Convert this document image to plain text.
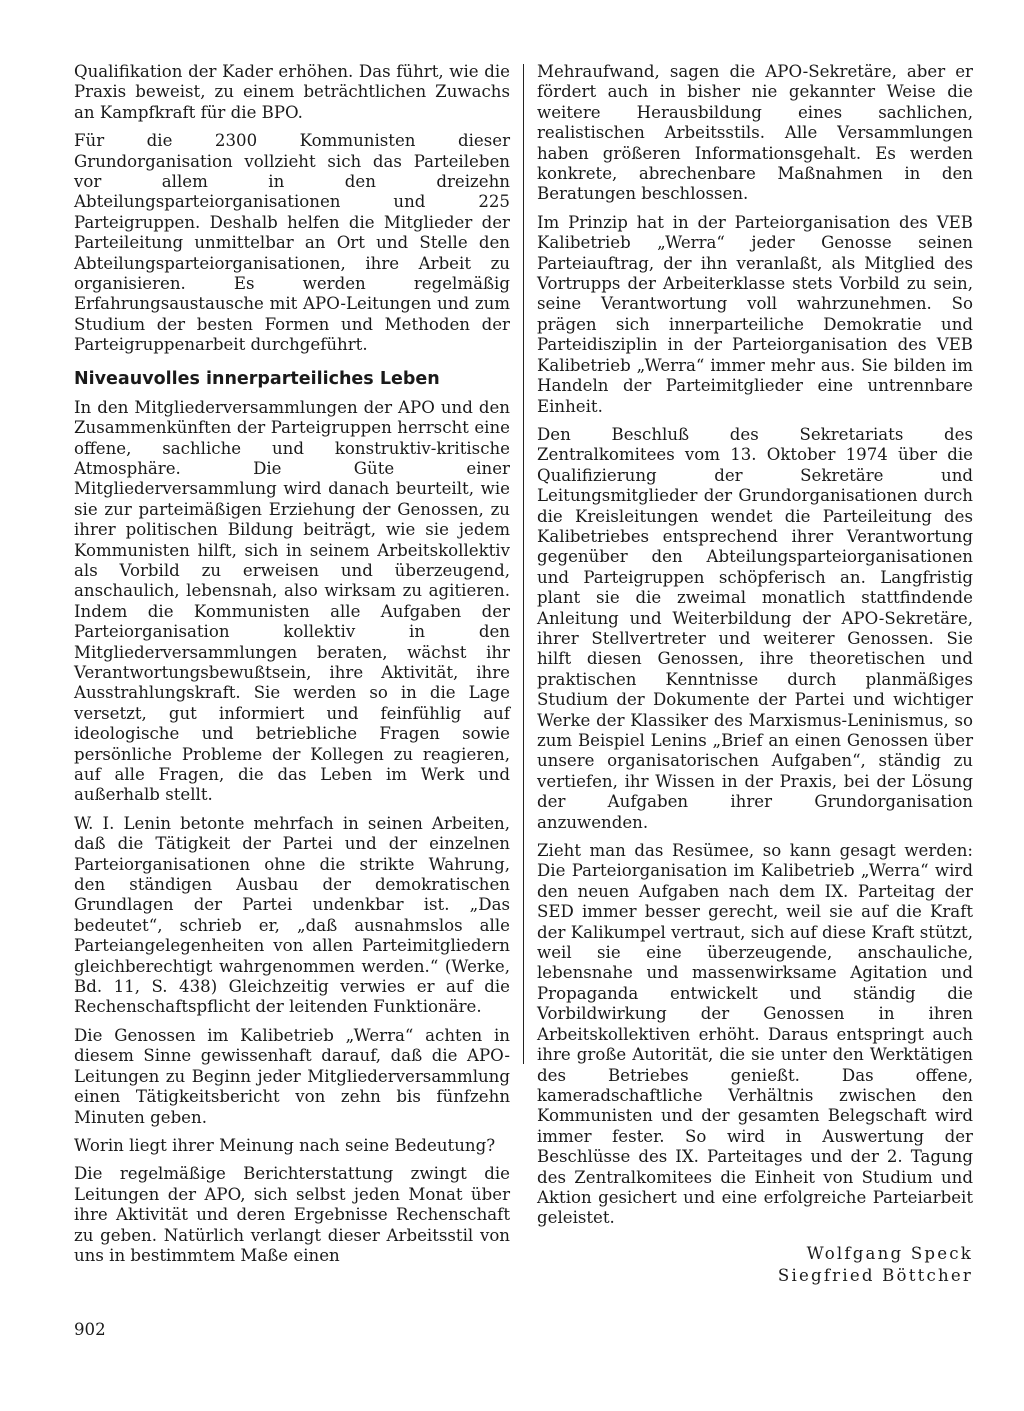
Qualifikation der Kader erhöhen. Das führt, wie die Praxis beweist, zu einem beträchtlichen Zuwachs an Kampfkraft für die BPO.

Für die 2300 Kommunisten dieser Grundorganisation vollzieht sich das Parteileben vor allem in den dreizehn Abteilungsparteiorganisationen und 225 Parteigruppen. Deshalb helfen die Mitglieder der Parteileitung unmittelbar an Ort und Stelle den Abteilungsparteiorganisationen, ihre Arbeit zu organisieren. Es werden regelmäßig Erfahrungsaustausche mit APO-Leitungen und zum Studium der besten Formen und Methoden der Parteigruppenarbeit durchgeführt.

Niveauvolles innerparteiliches Leben

In den Mitgliederversammlungen der APO und den Zusammenkünften der Parteigruppen herrscht eine offene, sachliche und konstruktiv-kritische Atmosphäre. Die Güte einer Mitgliederversammlung wird danach beurteilt, wie sie zur parteimäßigen Erziehung der Genossen, zu ihrer politischen Bildung beiträgt, wie sie jedem Kommunisten hilft, sich in seinem Arbeitskollektiv als Vorbild zu erweisen und überzeugend, anschaulich, lebensnah, also wirksam zu agitieren. Indem die Kommunisten alle Aufgaben der Parteiorganisation kollektiv in den Mitgliederversammlungen beraten, wächst ihr Verantwortungsbewußtsein, ihre Aktivität, ihre Ausstrahlungskraft. Sie werden so in die Lage versetzt, gut informiert und feinfühlig auf ideologische und betriebliche Fragen sowie persönliche Probleme der Kollegen zu reagieren, auf alle Fragen, die das Leben im Werk und außerhalb stellt.

W. I. Lenin betonte mehrfach in seinen Arbeiten, daß die Tätigkeit der Partei und der einzelnen Parteiorganisationen ohne die strikte Wahrung, den ständigen Ausbau der demokratischen Grundlagen der Partei undenkbar ist. „Das bedeutet“, schrieb er, „daß ausnahmslos alle Parteiangelegenheiten von allen Parteimitgliedern gleichberechtigt wahrgenommen werden.“ (Werke, Bd. 11, S. 438) Gleichzeitig verwies er auf die Rechenschaftspflicht der leitenden Funktionäre.

Die Genossen im Kalibetrieb „Werra“ achten in diesem Sinne gewissenhaft darauf, daß die APO-Leitungen zu Beginn jeder Mitgliederversammlung einen Tätigkeitsbericht von zehn bis fünfzehn Minuten geben.

Worin liegt ihrer Meinung nach seine Bedeutung?

Die regelmäßige Berichterstattung zwingt die Leitungen der APO, sich selbst jeden Monat über ihre Aktivität und deren Ergebnisse Rechenschaft zu geben. Natürlich verlangt dieser Arbeitsstil von uns in bestimmtem Maße einen

Mehraufwand, sagen die APO-Sekretäre, aber er fördert auch in bisher nie gekannter Weise die weitere Herausbildung eines sachlichen, realistischen Arbeitsstils. Alle Versammlungen haben größeren Informationsgehalt. Es werden konkrete, abrechenbare Maßnahmen in den Beratungen beschlossen.

Im Prinzip hat in der Parteiorganisation des VEB Kalibetrieb „Werra“ jeder Genosse seinen Parteiauftrag, der ihn veranlaßt, als Mitglied des Vortrupps der Arbeiterklasse stets Vorbild zu sein, seine Verantwortung voll wahrzunehmen. So prägen sich innerparteiliche Demokratie und Parteidisziplin in der Parteiorganisation des VEB Kalibetrieb „Werra“ immer mehr aus. Sie bilden im Handeln der Parteimitglieder eine untrennbare Einheit.

Den Beschluß des Sekretariats des Zentralkomitees vom 13. Oktober 1974 über die Qualifizierung der Sekretäre und Leitungsmitglieder der Grundorganisationen durch die Kreisleitungen wendet die Parteileitung des Kalibetriebes entsprechend ihrer Verantwortung gegenüber den Abteilungsparteiorganisationen und Parteigruppen schöpferisch an. Langfristig plant sie die zweimal monatlich stattfindende Anleitung und Weiterbildung der APO-Sekretäre, ihrer Stellvertreter und weiterer Genossen. Sie hilft diesen Genossen, ihre theoretischen und praktischen Kenntnisse durch planmäßiges Studium der Dokumente der Partei und wichtiger Werke der Klassiker des Marxismus-Leninismus, so zum Beispiel Lenins „Brief an einen Genossen über unsere organisatorischen Aufgaben“, ständig zu vertiefen, ihr Wissen in der Praxis, bei der Lösung der Aufgaben ihrer Grundorganisation anzuwenden.

Zieht man das Resümee, so kann gesagt werden: Die Parteiorganisation im Kalibetrieb „Werra“ wird den neuen Aufgaben nach dem IX. Parteitag der SED immer besser gerecht, weil sie auf die Kraft der Kalikumpel vertraut, sich auf diese Kraft stützt, weil sie eine überzeugende, anschauliche, lebensnahe und massenwirksame Agitation und Propaganda entwickelt und ständig die Vorbildwirkung der Genossen in ihren Arbeitskollektiven erhöht. Daraus entspringt auch ihre große Autorität, die sie unter den Werktätigen des Betriebes genießt. Das offene, kameradschaftliche Verhältnis zwischen den Kommunisten und der gesamten Belegschaft wird immer fester. So wird in Auswertung der Beschlüsse des IX. Parteitages und der 2. Tagung des Zentralkomitees die Einheit von Studium und Aktion gesichert und eine erfolgreiche Parteiarbeit geleistet.

Wolfgang Speck
Siegfried Böttcher
902
